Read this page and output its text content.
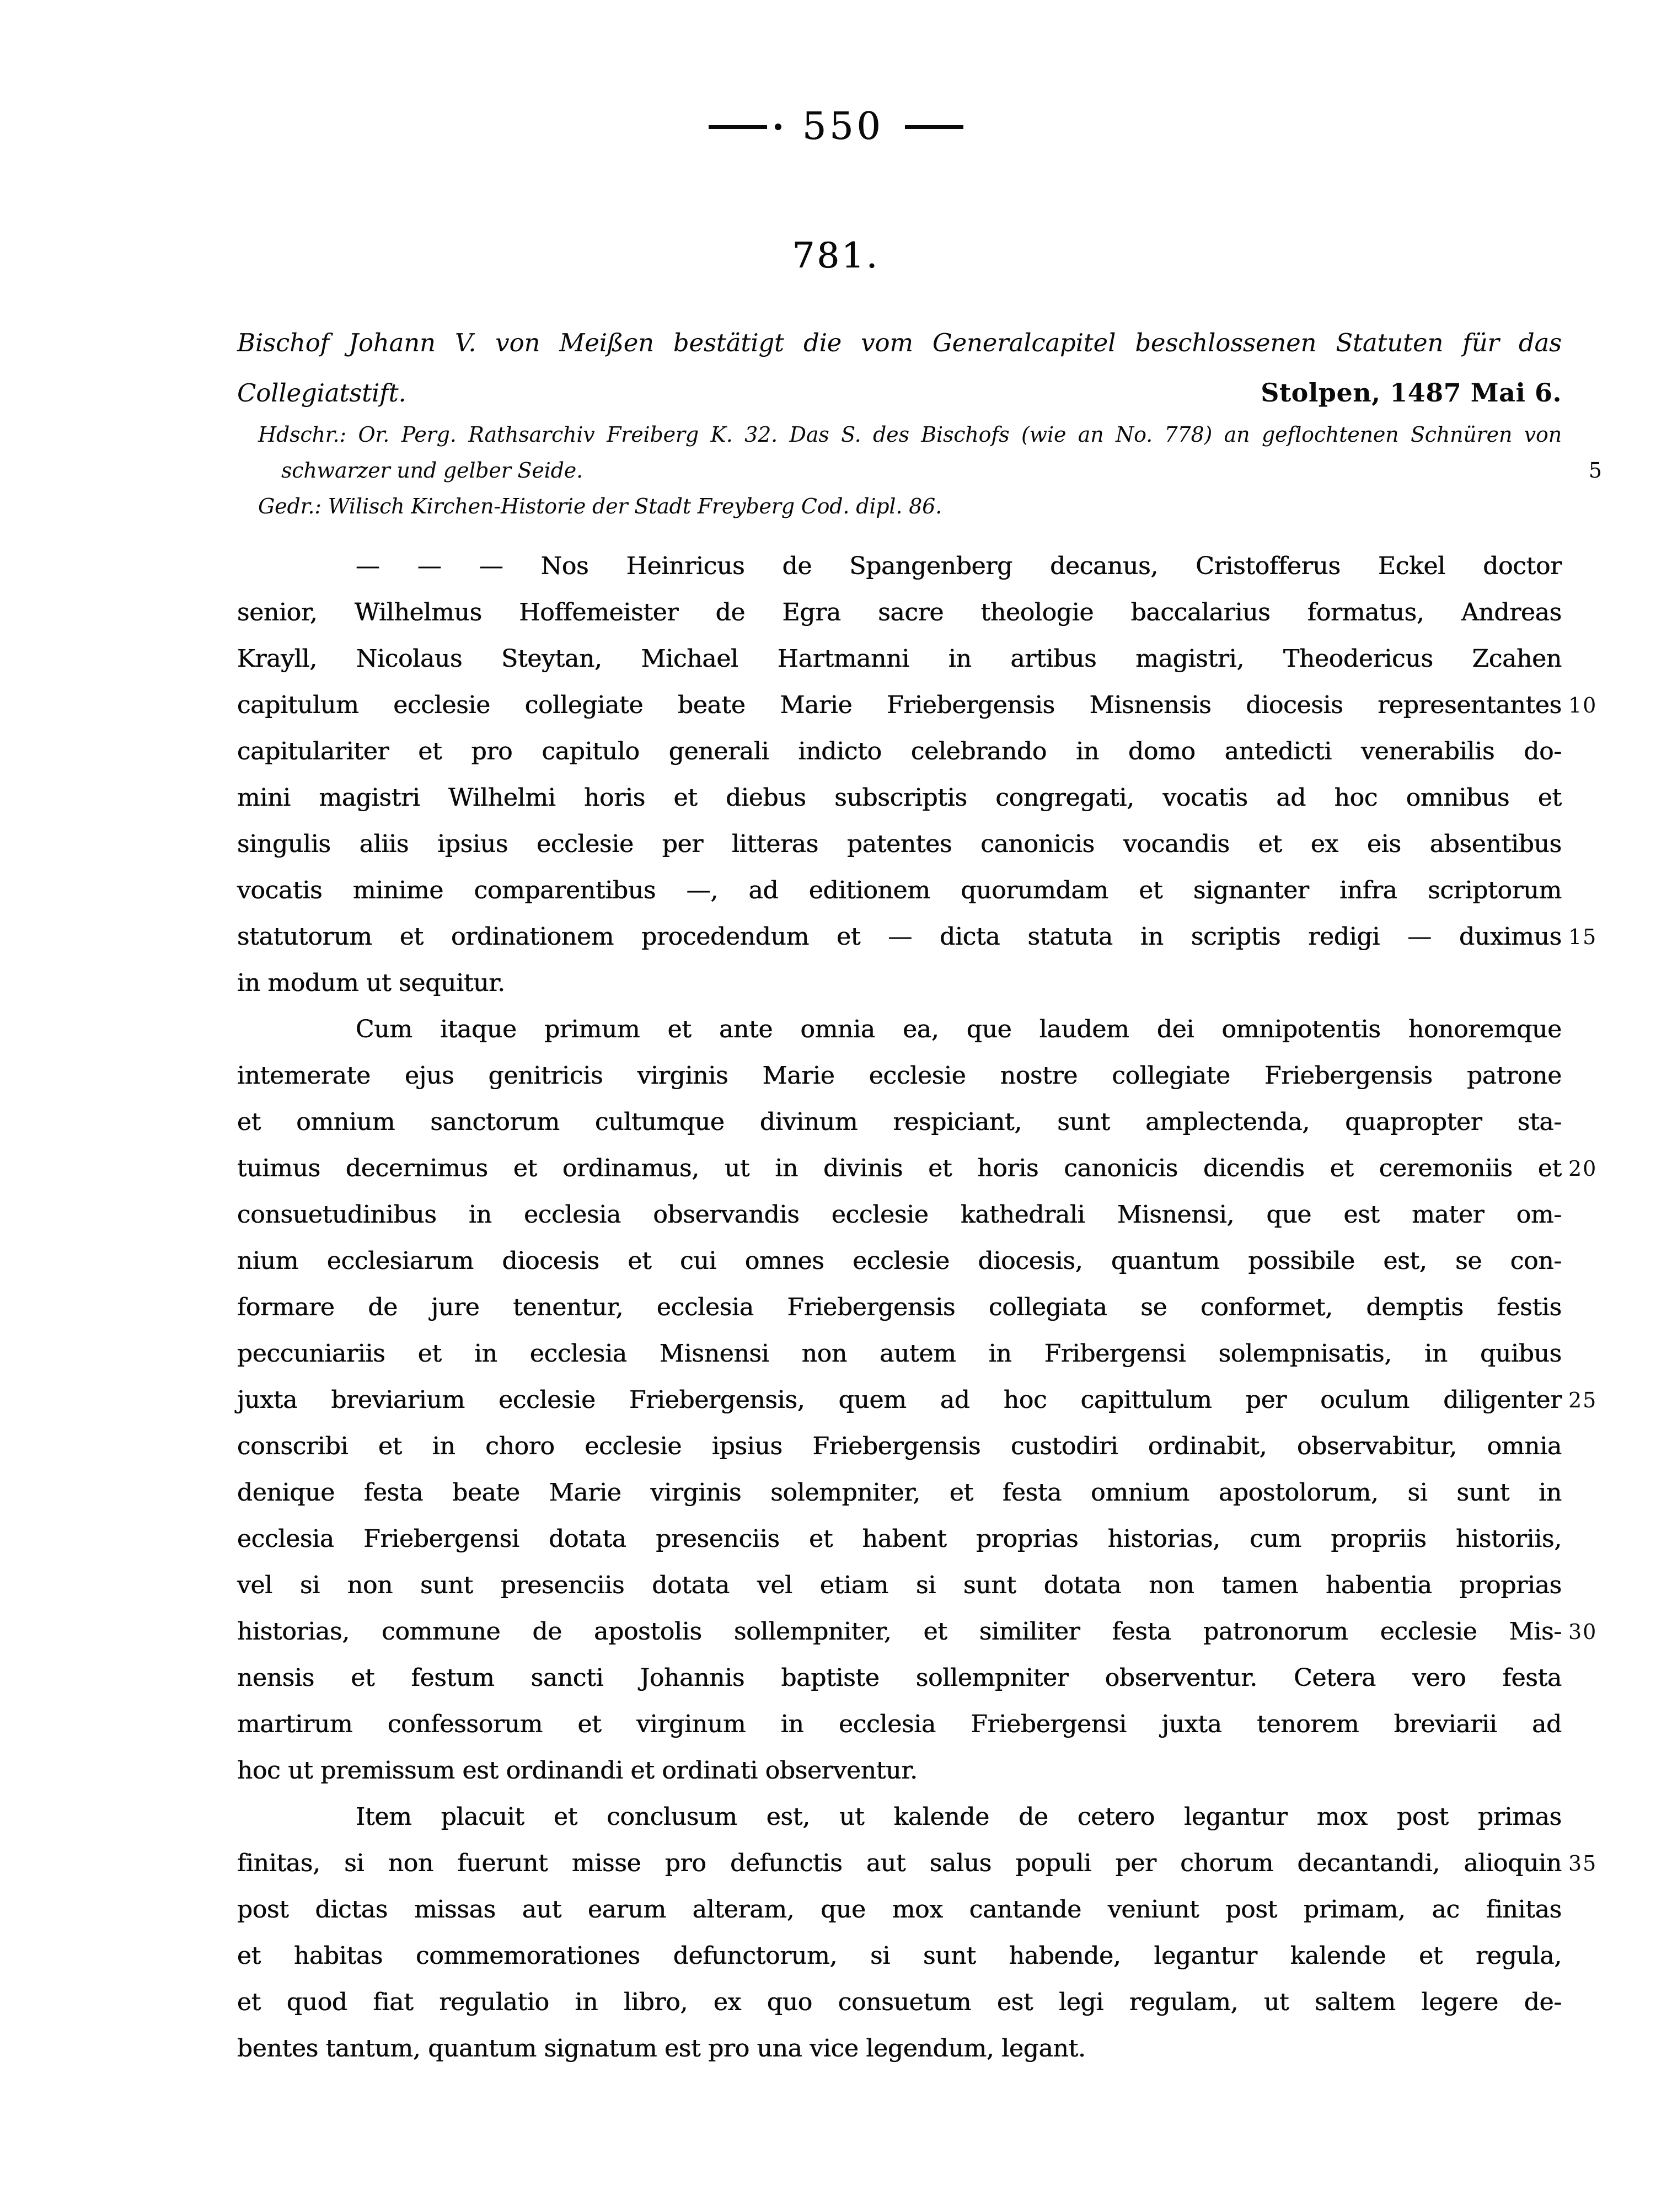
550
781.
Bischof Johann V. von Meißen bestätigt die vom Generalcapitel beschlossenen Statuten für das
Collegiatstift.	Stolpen, 1487 Mai 6.
Hdschr.: Or. Perg. Rathsarchiv Freiberg K. 32. Das S. des Bischofs (wie an No. 778) an geflochtenen Schnüren von
schwarzer und gelber Seide.	5
Gedr.: Wilisch Kirchen-Historie der Stadt Freyberg Cod. dipl. 86.
— — — Nos Heinricus de Spangenberg decanus, Cristofferus Eckel doctor
senior, Wilhelmus Hoffemeister de Egra sacre theologie baccalarius formatus, Andreas
Krayll, Nicolaus Steytan, Michael Hartmanni in artibus magistri, Theodericus Zcahen
capitulum ecclesie collegiate beate Marie Friebergensis Misnensis diocesis representantes 10
capitulariter et pro capitulo generali indicto celebrando in domo antedicti venerabilis do-
mini magistri Wilhelmi horis et diebus subscriptis congregati, vocatis ad hoc omnibus et
singulis aliis ipsius ecclesie per litteras patentes canonicis vocandis et ex eis absentibus
vocatis minime comparentibus —, ad editionem quorumdam et signanter infra scriptorum
statutorum et ordinationem procedendum et — dicta statuta in scriptis redigi — duximus 15
in modum ut sequitur.
Cum itaque primum et ante omnia ea, que laudem dei omnipotentis honoremque
intemerate ejus genitricis virginis Marie ecclesie nostre collegiate Friebergensis patrone
et omnium sanctorum cultumque divinum respiciant, sunt amplectenda, quapropter sta-
tuimus decernimus et ordinamus, ut in divinis et horis canonicis dicendis et ceremoniis et 20
consuetudinibus in ecclesia observandis ecclesie kathedrali Misnensi, que est mater om-
nium ecclesiarum diocesis et cui omnes ecclesie diocesis, quantum possibile est, se con-
formare de jure tenentur, ecclesia Friebergensis collegiata se conformet, demptis festis
peccuniariis et in ecclesia Misnensi non autem in Fribergensi solempnisatis, in quibus
juxta breviarium ecclesie Friebergensis, quem ad hoc capittulum per oculum diligenter 25
conscribi et in choro ecclesie ipsius Friebergensis custodiri ordinabit, observabitur, omnia
denique festa beate Marie virginis solempniter, et festa omnium apostolorum, si sunt in
ecclesia Friebergensi dotata presenciis et habent proprias historias, cum propriis historiis,
vel si non sunt presenciis dotata vel etiam si sunt dotata non tamen habentia proprias
historias, commune de apostolis sollempniter, et similiter festa patronorum ecclesie Mis- 30
nensis et festum sancti Johannis baptiste sollempniter observentur. Cetera vero festa
martirum confessorum et virginum in ecclesia Friebergensi juxta tenorem breviarii ad
hoc ut premissum est ordinandi et ordinati observentur.
Item placuit et conclusum est, ut kalende de cetero legantur mox post primas
finitas, si non fuerunt misse pro defunctis aut salus populi per chorum decantandi, alioquin 35
post dictas missas aut earum alteram, que mox cantande veniunt post primam, ac finitas
et habitas commemorationes defunctorum, si sunt habende, legantur kalende et regula,
et quod fiat regulatio in libro, ex quo consuetum est legi regulam, ut saltem legere de-
bentes tantum, quantum signatum est pro una vice legendum, legant.
